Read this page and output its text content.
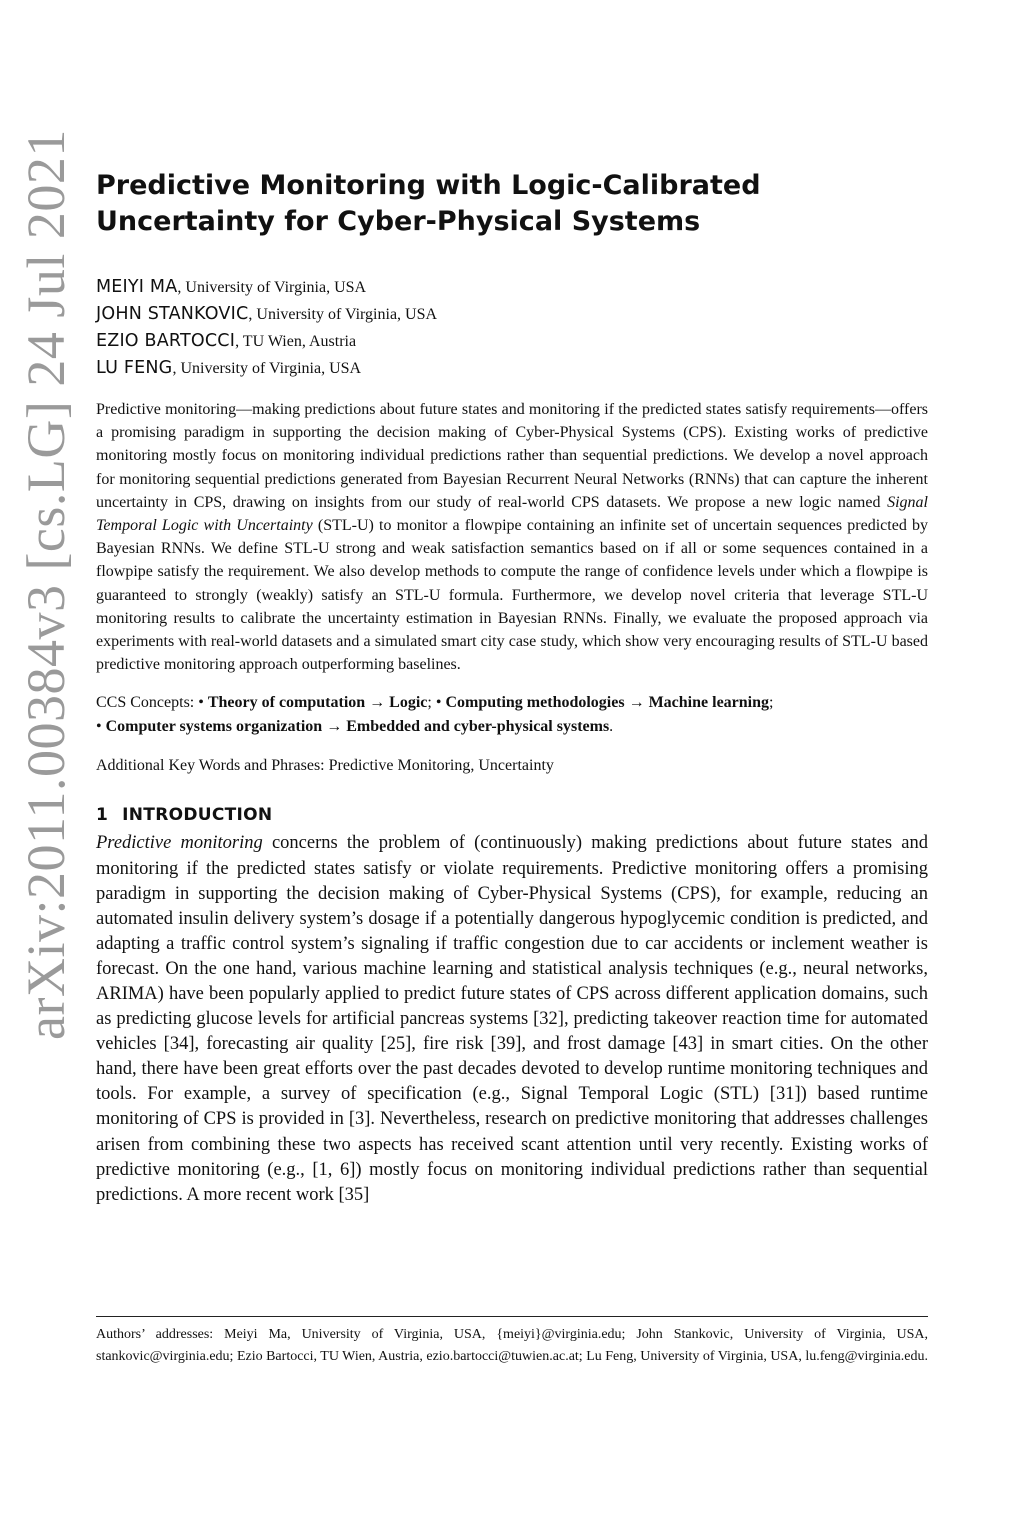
arXiv:2011.00384v3 [cs.LG] 24 Jul 2021 Predictive Monitoring with Logic-Calibrated Uncertainty for Cyber-Physical Systems
MEIYI MA, University of Virginia, USA
JOHN STANKOVIC, University of Virginia, USA
EZIO BARTOCCI, TU Wien, Austria
LU FENG, University of Virginia, USA

Predictive monitoring—making predictions about future states and monitoring if the predicted states satisfy requirements—offers a promising paradigm in supporting the decision making of Cyber-Physical Systems (CPS). Existing works of predictive monitoring mostly focus on monitoring individual predictions rather than sequential predictions. We develop a novel approach for monitoring sequential predictions generated from Bayesian Recurrent Neural Networks (RNNs) that can capture the inherent uncertainty in CPS, drawing on insights from our study of real-world CPS datasets. We propose a new logic named Signal Temporal Logic with Uncertainty (STL-U) to monitor a flowpipe containing an infinite set of uncertain sequences predicted by Bayesian RNNs. We define STL-U strong and weak satisfaction semantics based on if all or some sequences contained in a flowpipe satisfy the requirement. We also develop methods to compute the range of confidence levels under which a flowpipe is guaranteed to strongly (weakly) satisfy an STL-U formula. Furthermore, we develop novel criteria that leverage STL-U monitoring results to calibrate the uncertainty estimation in Bayesian RNNs. Finally, we evaluate the proposed approach via experiments with real-world datasets and a simulated smart city case study, which show very encouraging results of STL-U based predictive monitoring approach outperforming baselines.

CCS Concepts: • Theory of computation → Logic; • Computing methodologies → Machine learning;
• Computer systems organization → Embedded and cyber-physical systems.

Additional Key Words and Phrases: Predictive Monitoring, Uncertainty

1 INTRODUCTION

Predictive monitoring concerns the problem of (continuously) making predictions about future states and monitoring if the predicted states satisfy or violate requirements. Predictive monitoring offers a promising paradigm in supporting the decision making of Cyber-Physical Systems (CPS), for example, reducing an automated insulin delivery system’s dosage if a potentially dangerous hypoglycemic condition is predicted, and adapting a traffic control system’s signaling if traffic congestion due to car accidents or inclement weather is forecast. On the one hand, various machine learning and statistical analysis techniques (e.g., neural networks, ARIMA) have been popularly applied to predict future states of CPS across different application domains, such as predicting glucose levels for artificial pancreas systems [32], predicting takeover reaction time for automated vehicles [34], forecasting air quality [25], fire risk [39], and frost damage [43] in smart cities. On the other hand, there have been great efforts over the past decades devoted to develop runtime monitoring techniques and tools. For example, a survey of specification (e.g., Signal Temporal Logic (STL) [31]) based runtime monitoring of CPS is provided in [3]. Nevertheless, research on predictive monitoring that addresses challenges arisen from combining these two aspects has received scant attention until very recently. Existing works of predictive monitoring (e.g., [1, 6]) mostly focus on monitoring individual predictions rather than sequential predictions. A more recent work [35]

Authors’ addresses: Meiyi Ma, University of Virginia, USA, {meiyi}@virginia.edu; John Stankovic, University of Virginia, USA, stankovic@virginia.edu; Ezio Bartocci, TU Wien, Austria, ezio.bartocci@tuwien.ac.at; Lu Feng, University of Virginia, USA, lu.feng@virginia.edu.
